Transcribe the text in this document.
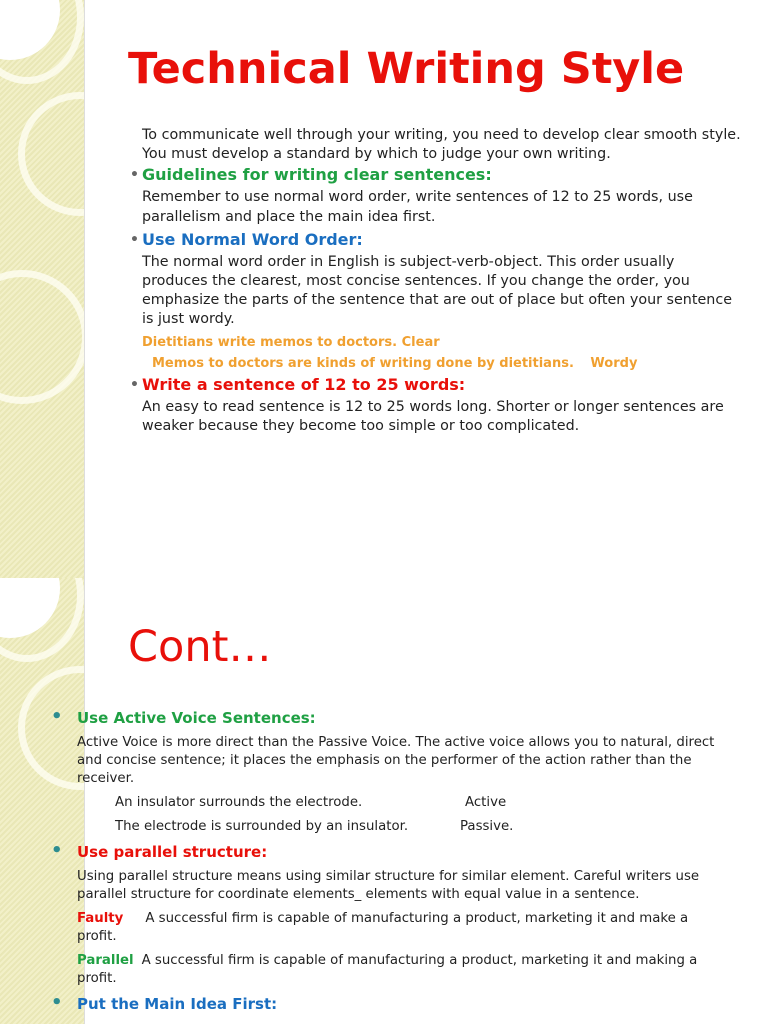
Technical Writing Style

To communicate well through your writing, you need to develop clear smooth style. You must develop a standard by which to judge your own writing.

• Guidelines for writing clear sentences:

Remember to use normal word order, write sentences of 12 to 25 words, use parallelism and place the main idea first.

• Use Normal Word Order:

The normal word order in English is subject-verb-object. This order usually produces the clearest, most concise sentences. If you change the order, you emphasize the parts of the sentence that are out of place but often your sentence is just wordy.

Dietitians write memos to doctors. Clear

Memos to doctors are kinds of writing done by dietitians. Wordy

• Write a sentence of 12 to 25 words:

An easy to read sentence is 12 to 25 words long. Shorter or longer sentences are weaker because they become too simple or too complicated.

Cont…
• Use Active Voice Sentences:

Active Voice is more direct than the Passive Voice. The active voice allows you to natural, direct and concise sentence; it places the emphasis on the performer of the action rather than the receiver.

An insulator surrounds the electrode.	Active

The electrode is surrounded by an insulator.	Passive.

• Use parallel structure:

Using parallel structure means using similar structure for similar element. Careful writers use parallel structure for coordinate elements_ elements with equal value in a sentence.

Faulty A successful firm is capable of manufacturing a product, marketing it and make a profit.

Parallel A successful firm is capable of manufacturing a product, marketing it and making a profit.

• Put the Main Idea First:
